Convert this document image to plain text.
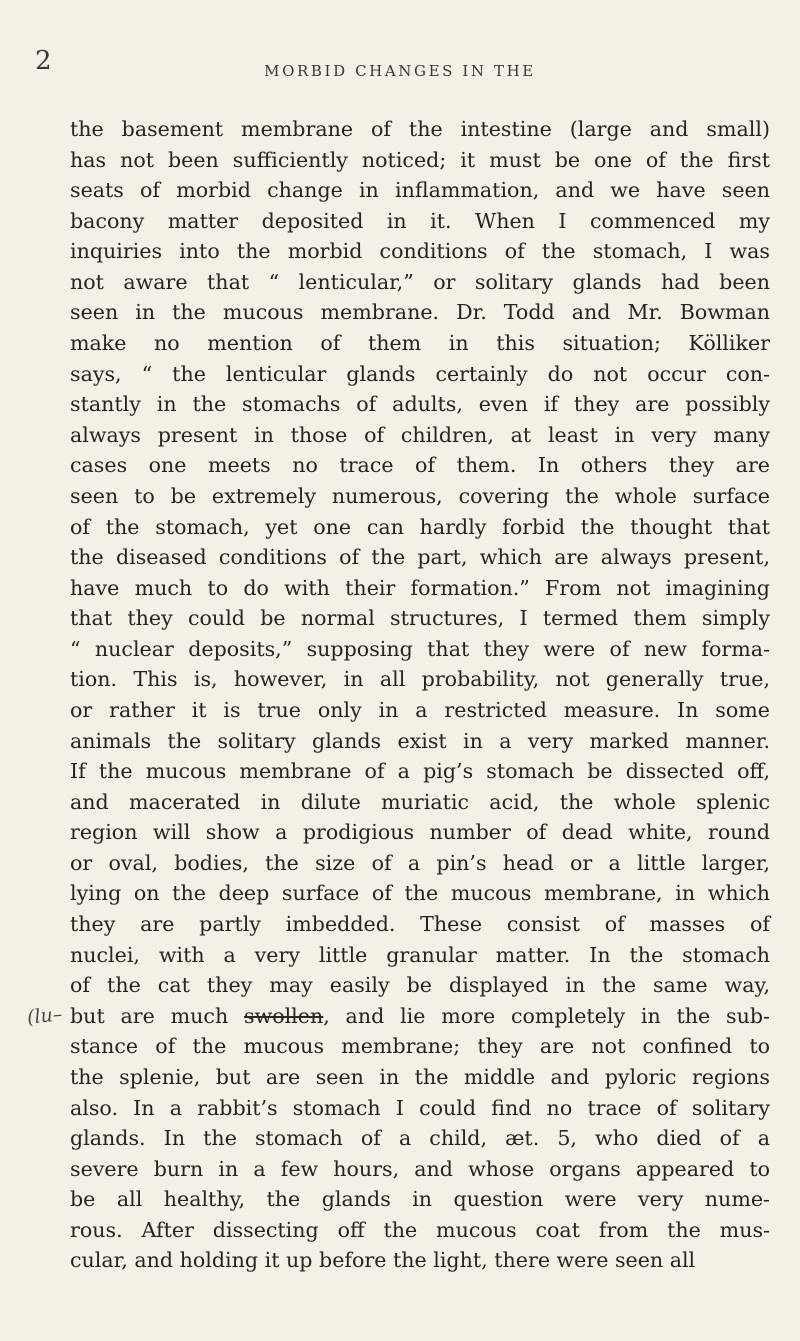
2	MORBID CHANGES IN THE
(lu–
the basement membrane of the intestine (large and small)
has not been sufficiently noticed; it must be one of the first
seats of morbid change in inflammation, and we have seen
bacony matter deposited in it. When I commenced my
inquiries into the morbid conditions of the stomach, I was
not aware that “ lenticular,” or solitary glands had been
seen in the mucous membrane. Dr. Todd and Mr. Bowman
make no mention of them in this situation; Kölliker
says, “ the lenticular glands certainly do not occur con-
stantly in the stomachs of adults, even if they are possibly
always present in those of children, at least in very many
cases one meets no trace of them. In others they are
seen to be extremely numerous, covering the whole surface
of the stomach, yet one can hardly forbid the thought that
the diseased conditions of the part, which are always present,
have much to do with their formation.” From not imagining
that they could be normal structures, I termed them simply
“ nuclear deposits,” supposing that they were of new forma-
tion. This is, however, in all probability, not generally true,
or rather it is true only in a restricted measure. In some
animals the solitary glands exist in a very marked manner.
If the mucous membrane of a pig’s stomach be dissected off,
and macerated in dilute muriatic acid, the whole splenic
region will show a prodigious number of dead white, round
or oval, bodies, the size of a pin’s head or a little larger,
lying on the deep surface of the mucous membrane, in which
they are partly imbedded. These consist of masses of
nuclei, with a very little granular matter. In the stomach
of the cat they may easily be displayed in the same way,
but are much swollen, and lie more completely in the sub-
stance of the mucous membrane; they are not confined to
the splenie, but are seen in the middle and pyloric regions
also. In a rabbit’s stomach I could find no trace of solitary
glands. In the stomach of a child, æt. 5, who died of a
severe burn in a few hours, and whose organs appeared to
be all healthy, the glands in question were very nume-
rous. After dissecting off the mucous coat from the mus-
cular, and holding it up before the light, there were seen all
